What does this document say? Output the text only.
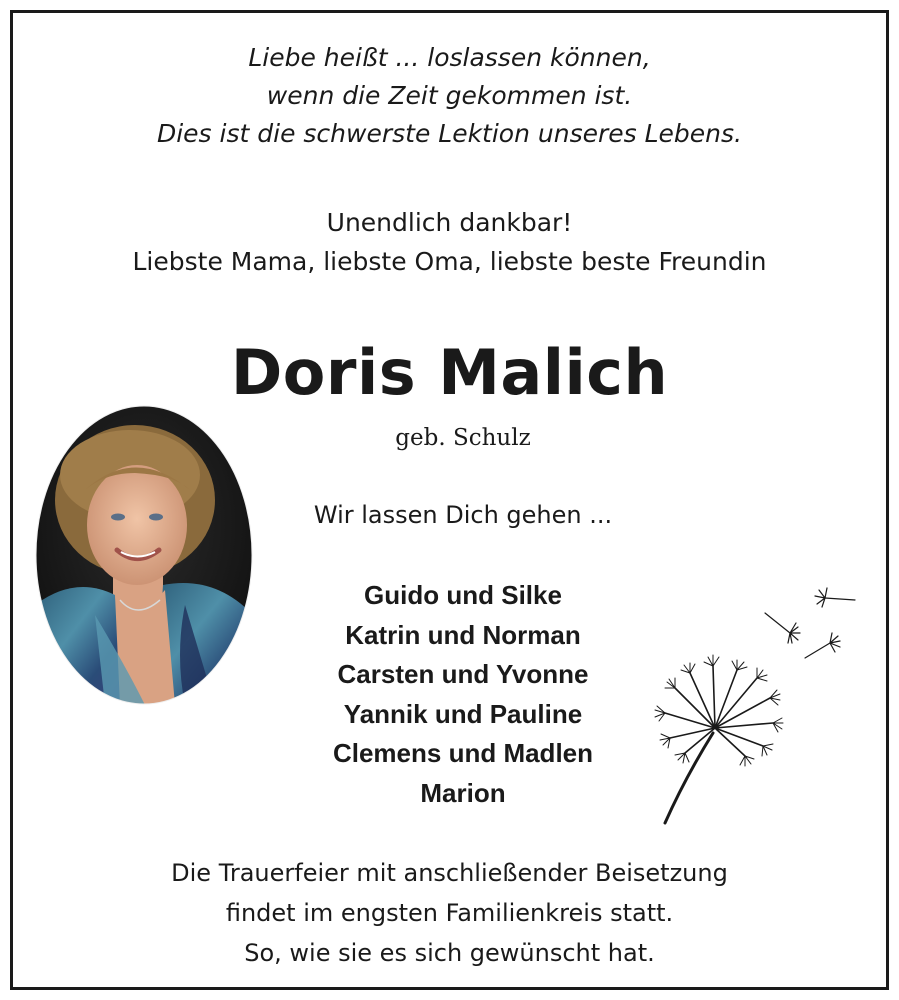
Liebe heißt ... loslassen können,
wenn die Zeit gekommen ist.
Dies ist die schwerste Lektion unseres Lebens.
Unendlich dankbar!
Liebste Mama, liebste Oma, liebste beste Freundin
Doris Malich
geb. Schulz
Wir lassen Dich gehen ...
Guido und Silke
Katrin und Norman
Carsten und Yvonne
Yannik und Pauline
Clemens und Madlen
Marion
Die Trauerfeier mit anschließender Beisetzung
findet im engsten Familienkreis statt.
So, wie sie es sich gewünscht hat.
